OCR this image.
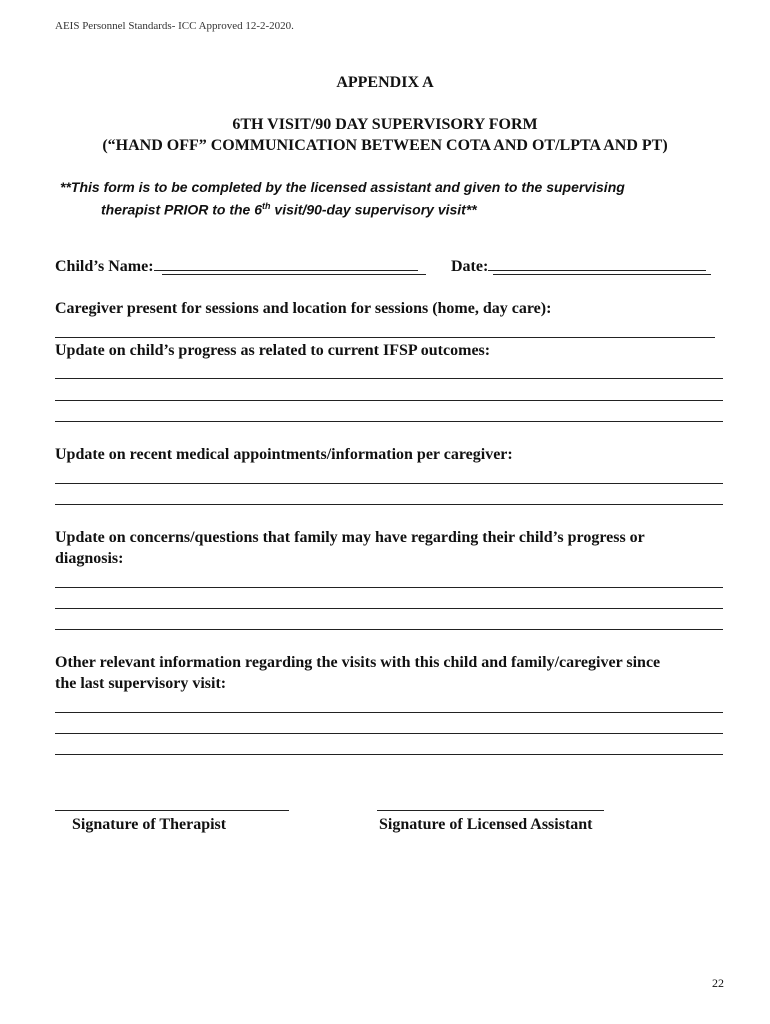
AEIS Personnel Standards- ICC Approved 12-2-2020.
APPENDIX A
6TH VISIT/90 DAY SUPERVISORY FORM
(“HAND OFF” COMMUNICATION BETWEEN COTA AND OT/LPTA AND PT)
**This form is to be completed by the licensed assistant and given to the supervising
therapist PRIOR to the 6th visit/90-day supervisory visit**
Child’s Name:	Date:
Caregiver present for sessions and location for sessions (home, day care):
Update on child’s progress as related to current IFSP outcomes:
Update on recent medical appointments/information per caregiver:
Update on concerns/questions that family may have regarding their child’s progress or
diagnosis:
Other relevant information regarding the visits with this child and family/caregiver since
the last supervisory visit:
Signature of Therapist	Signature of Licensed Assistant
22
